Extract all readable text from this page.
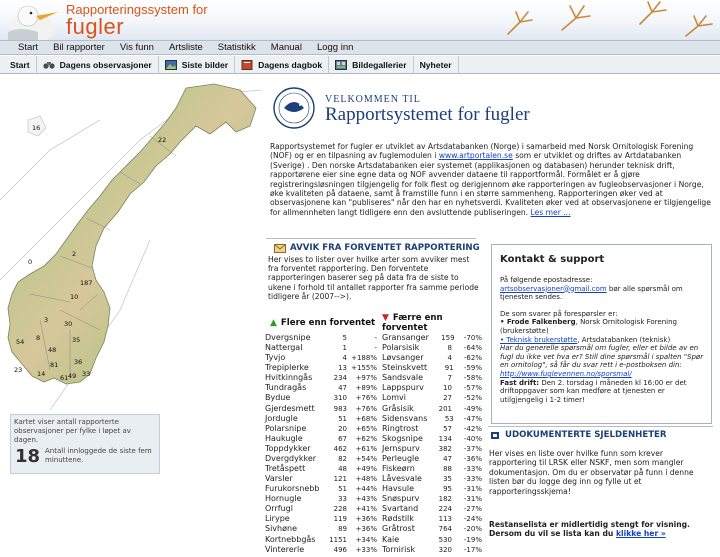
Rapporteringssystem for
fugler
Start Bil rapporter Vis funn Artsliste Statistikk Manual Logg inn
Start	Dagens observasjoner	Siste bilder	Dagens dagbok	Bildegallerier Nyheter
16
22
187
10
30
35
54
48
81
23 14
36
49 33
61
3
8
0
2
Kartet viser antall rapporterte observasjoner per fylke i løpet av dagen.
18 Antall innloggede de siste fem minuttene.
VELKOMMEN TIL
Rapportsystemet for fugler
Rapportsystemet for fugler er utviklet av Artsdatabanken (Norge) i samarbeid med Norsk Ornitologisk Forening (NOF) og er en tilpasning av fuglemodulen i www.artportalen.se som er utviklet og driftes av Artdatabanken (Sverige) . Den norske Artsdatabanken eier systemet (applikasjonen og databasen) herunder teknisk drift, rapportørene eier sine egne data og NOF avvender dataene til rapportformål. Formålet er å gjøre registreringsløsningen tilgjengelig for folk flest og derigjennom øke rapporteringen av fugleobservasjoner i Norge, øke kvaliteten på dataene, samt å framstille funn i en større sammenheng. Rapporteringen øker ved at observasjonene kan "publiseres" når den har en nyhetsverdi. Kvaliteten øker ved at observasjonene er tilgjengelige for allmennheten langt tidligere enn den avsluttende publiseringen. Les mer ...
AVVIK FRA FORVENTET RAPPORTERING
Her vises to lister over hvilke arter som avviker mest fra forventet rapportering. Den forventete rapporteringen baserer seg på data fra de siste to ukene i forhold til antallet rapporter fra samme periode tidligere år (2007-->).
▲ Flere enn forventet ▼ Færre enn forventet
Dvergsnipe	5	-
Nattergal	1	-
Tyvjo	4 +188%
Trepiplerke	13 +155%
Hvitkinngås	234	+97%
Tundragås	47	+89%
Bydue	310	+76%
Gjerdesmett	983	+76%
Jordugle	51	+68%
Polarsnipe	20	+65%
Haukugle	67	+62%
Toppdykker	462	+61%
Dvergdykker	82	+54%
Tretåspett	48	+49%
Varsler	121	+48%
Furukorsnebb	51	+44%
Hornugle	33	+43%
Orrfugl	228	+41%
Lirype	119	+36%
Sivhøne	89	+36%
Kortnebbgås	1151	+34%
Vintererle	496	+33%
Gransanger	159	-70%
Polarsisik	8	-64%
Løvsanger	4	-62%
Steinskvett	91	-59%
Sandsvale	7	-58%
Lappspurv	10	-57%
Lomvi	27	-52%
Gråsisik	201	-49%
Sidensvans	53	-47%
Ringtrost	57	-42%
Skogsnipe	134	-40%
Jernspurv	382	-37%
Perleugle	47	-36%
Fiskeørn	88	-33%
Låvesvale	35	-33%
Havsule	95	-31%
Snøspurv	182	-31%
Svartand	224	-27%
Rødstilk	113	-24%
Gråtrost	764	-20%
Kaie	530	-19%
Tornirisk	320	-17%
Kontakt & support
På følgende epostadresse:
artsobservasjoner@gmail.com bør alle spørsmål om tjenesten sendes.
De som svarer på forespørsler er:
• Frode Falkenberg, Norsk Ornitologisk Forening (brukerstøtte)
• Teknisk brukerstøtte, Artsdatabanken (teknisk)
Har du generelle spørsmål om fugler, eller et bilde av en fugl du ikke vet hva er? Still dine spørsmål i spalten "Spør en ornitolog", så får du svar rett i e-postboksen din: http://www.fuglevennen.no/sporsmal/
Fast drift: Den 2. torsdag i måneden kl 16:00 er det driftoppgaver som kan medføre at tjenesten er utilgjengelig i 1-2 timer!
UDOKUMENTERTE SJELDENHETER
Her vises en liste over hvilke funn som krever rapportering til LRSK eller NSKF, men som mangler dokumentasjon. Om du er observatør på funn i denne listen bør du logge deg inn og fylle ut et rapporteringsskjema!
Restanselista er midlertidig stengt for visning. Dersom du vil se lista kan du klikke her »
